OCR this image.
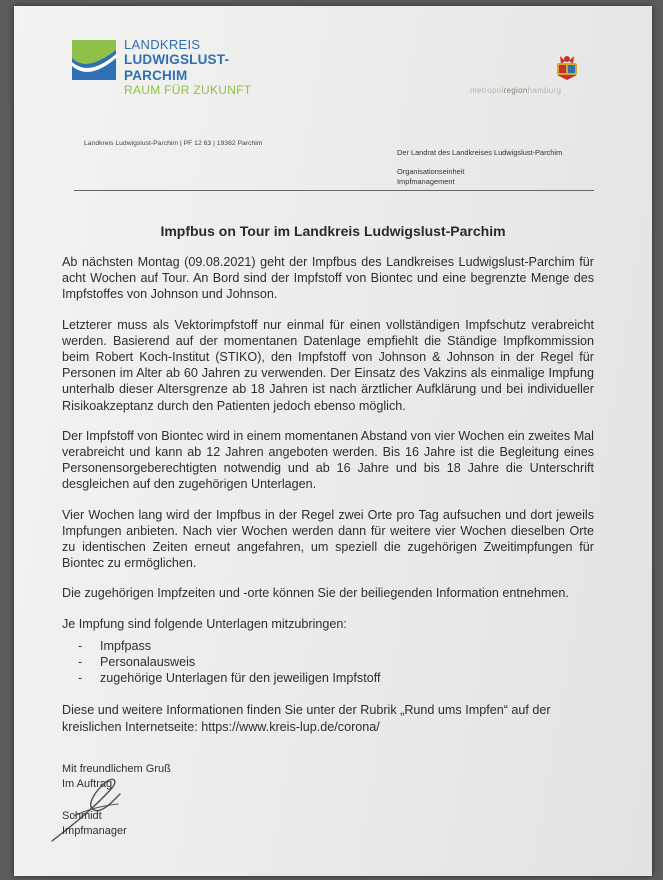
LANDKREIS
LUDWIGSLUST-PARCHIM
RAUM FÜR ZUKUNFT	metropolregionhamburg
Landkreis Ludwigslust-Parchim | PF 12 63 | 19362 Parchim
Der Landrat des Landkreises Ludwigslust-Parchim
Organisationseinheit
Impfmanagement
Impfbus on Tour im Landkreis Ludwigslust-Parchim

Ab nächsten Montag (09.08.2021) geht der Impfbus des Landkreises Ludwigslust-Parchim für acht Wochen auf Tour. An Bord sind der Impfstoff von Biontec und eine begrenzte Menge des Impfstoffes von Johnson und Johnson.

Letzterer muss als Vektorimpfstoff nur einmal für einen vollständigen Impfschutz verabreicht werden. Basierend auf der momentanen Datenlage empfiehlt die Ständige Impfkommission beim Robert Koch-Institut (STIKO), den Impfstoff von Johnson & Johnson in der Regel für Personen im Alter ab 60 Jahren zu verwenden. Der Einsatz des Vakzins als einmalige Impfung unterhalb dieser Altersgrenze ab 18 Jahren ist nach ärztlicher Aufklärung und bei individueller Risikoakzeptanz durch den Patienten jedoch ebenso möglich.

Der Impfstoff von Biontec wird in einem momentanen Abstand von vier Wochen ein zweites Mal verabreicht und kann ab 12 Jahren angeboten werden. Bis 16 Jahre ist die Begleitung eines Personensorgeberechtigten notwendig und ab 16 Jahre und bis 18 Jahre die Unterschrift desgleichen auf den zugehörigen Unterlagen.

Vier Wochen lang wird der Impfbus in der Regel zwei Orte pro Tag aufsuchen und dort jeweils Impfungen anbieten. Nach vier Wochen werden dann für weitere vier Wochen dieselben Orte zu identischen Zeiten erneut angefahren, um speziell die zugehörigen Zweitimpfungen für Biontec zu ermöglichen.

Die zugehörigen Impfzeiten und -orte können Sie der beiliegenden Information entnehmen.

Je Impfung sind folgende Unterlagen mitzubringen:

- Impfpass
- Personalausweis
- zugehörige Unterlagen für den jeweiligen Impfstoff

Diese und weitere Informationen finden Sie unter der Rubrik „Rund ums Impfen“ auf der kreislichen Internetseite: https://www.kreis-lup.de/corona/

Mit freundlichem Gruß
Im Auftrag
Schmidt
Impfmanager
